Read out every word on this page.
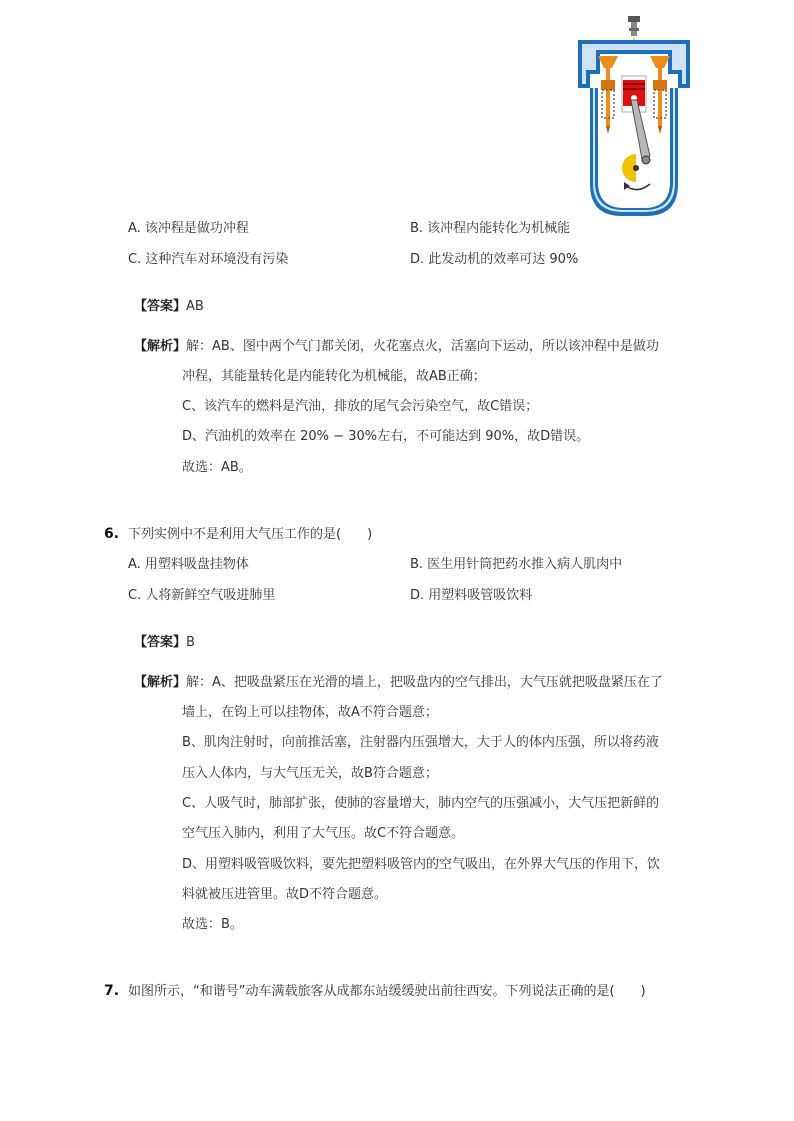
A. 该冲程是做功冲程	B. 该冲程内能转化为机械能
C. 这种汽车对环境没有污染	D. 此发动机的效率可达 90%
【答案】AB
【解析】解：AB、图中两个气门都关闭，火花塞点火，活塞向下运动，所以该冲程中是做功
冲程，其能量转化是内能转化为机械能，故AB正确；
C、该汽车的燃料是汽油，排放的尾气会污染空气，故C错误；
D、汽油机的效率在 20% − 30%左右，不可能达到 90%，故D错误。
故选：AB。
6. 下列实例中不是利用大气压工作的是(　　)
A. 用塑料吸盘挂物体	B. 医生用针筒把药水推入病人肌肉中
C. 人将新鲜空气吸进肺里	D. 用塑料吸管吸饮料
【答案】B
【解析】解：A、把吸盘紧压在光滑的墙上，把吸盘内的空气排出，大气压就把吸盘紧压在了
墙上，在钩上可以挂物体，故A不符合题意；
B、肌肉注射时，向前推活塞，注射器内压强增大，大于人的体内压强，所以将药液
压入人体内，与大气压无关，故B符合题意；
C、人吸气时，肺部扩张，使肺的容量增大，肺内空气的压强减小，大气压把新鲜的
空气压入肺内，利用了大气压。故C不符合题意。
D、用塑料吸管吸饮料，要先把塑料吸管内的空气吸出，在外界大气压的作用下，饮
料就被压进管里。故D不符合题意。
故选：B。
7. 如图所示，“和谐号”动车满载旅客从成都东站缓缓驶出前往西安。下列说法正确的是(　　)
